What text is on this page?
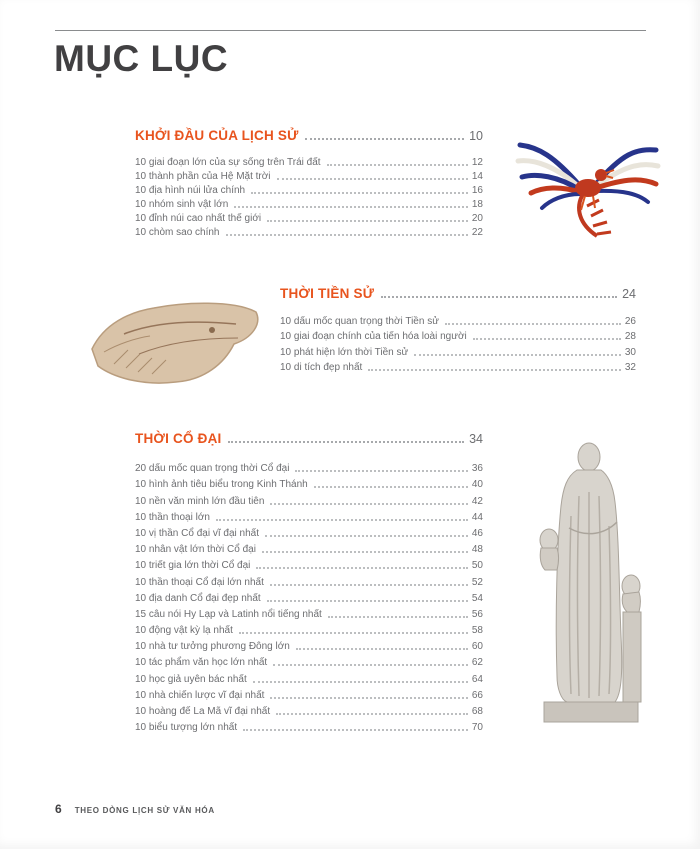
MỤC LỤC
KHỞI ĐẦU CỦA LỊCH SỬ	10
10 giai đoạn lớn của sự sống trên Trái đất	12
10 thành phần của Hệ Mặt trời	14
10 địa hình núi lửa chính	16
10 nhóm sinh vật lớn	18
10 đỉnh núi cao nhất thế giới	20
10 chòm sao chính	22
THỜI TIỀN SỬ	24
10 dấu mốc quan trọng thời Tiền sử	26
10 giai đoạn chính của tiến hóa loài người	28
10 phát hiện lớn thời Tiền sử	30
10 di tích đẹp nhất	32
THỜI CỔ ĐẠI	34
20 dấu mốc quan trọng thời Cổ đại	36
10 hình ảnh tiêu biểu trong Kinh Thánh	40
10 nền văn minh lớn đầu tiên	42
10 thần thoại lớn	44
10 vị thần Cổ đại vĩ đại nhất	46
10 nhân vật lớn thời Cổ đại	48
10 triết gia lớn thời Cổ đại	50
10 thần thoại Cổ đại lớn nhất	52
10 địa danh Cổ đại đẹp nhất	54
15 câu nói Hy Lạp và Latinh nổi tiếng nhất	56
10 động vật kỳ lạ nhất	58
10 nhà tư tưởng phương Đông lớn	60
10 tác phẩm văn học lớn nhất	62
10 học giả uyên bác nhất	64
10 nhà chiến lược vĩ đại nhất	66
10 hoàng đế La Mã vĩ đại nhất	68
10 biểu tượng lớn nhất	70
6 THEO DÒNG LỊCH SỬ VĂN HÓA
